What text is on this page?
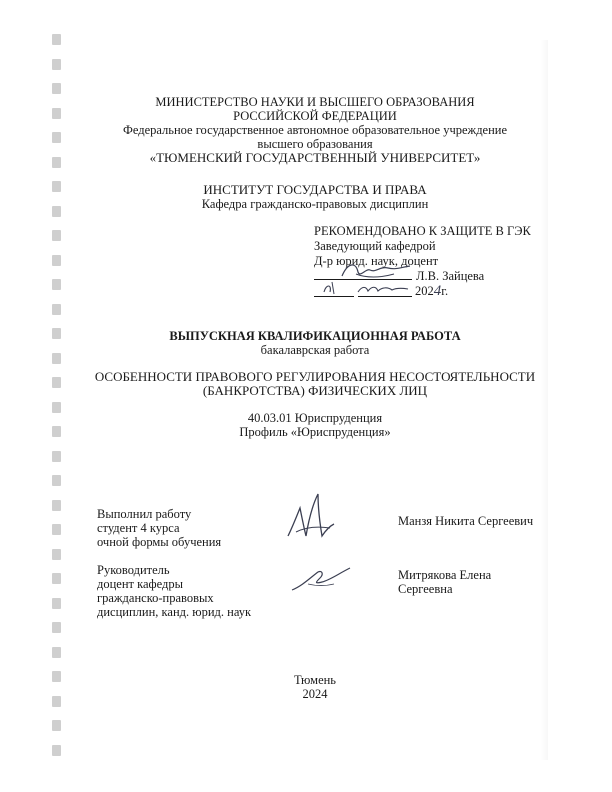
МИНИСТЕРСТВО НАУКИ И ВЫСШЕГО ОБРАЗОВАНИЯ
РОССИЙСКОЙ ФЕДЕРАЦИИ
Федеральное государственное автономное образовательное учреждение
высшего образования
«ТЮМЕНСКИЙ ГОСУДАРСТВЕННЫЙ УНИВЕРСИТЕТ»
ИНСТИТУТ ГОСУДАРСТВА И ПРАВА
Кафедра гражданско-правовых дисциплин
РЕКОМЕНДОВАНО К ЗАЩИТЕ В ГЭК
Заведующий кафедрой
Д-р юрид. наук, доцент
Л.В. Зайцева
2024г.
ВЫПУСКНАЯ КВАЛИФИКАЦИОННАЯ РАБОТА
бакалаврская работа
ОСОБЕННОСТИ ПРАВОВОГО РЕГУЛИРОВАНИЯ НЕСОСТОЯТЕЛЬНОСТИ
(БАНКРОТСТВА) ФИЗИЧЕСКИХ ЛИЦ
40.03.01 Юриспруденция
Профиль «Юриспруденция»
Выполнил работу
студент 4 курса
очной формы обучения
Манзя Никита Сергеевич
Руководитель
доцент кафедры
гражданско-правовых
дисциплин, канд. юрид. наук
Митрякова Елена
Сергеевна
Тюмень
2024
